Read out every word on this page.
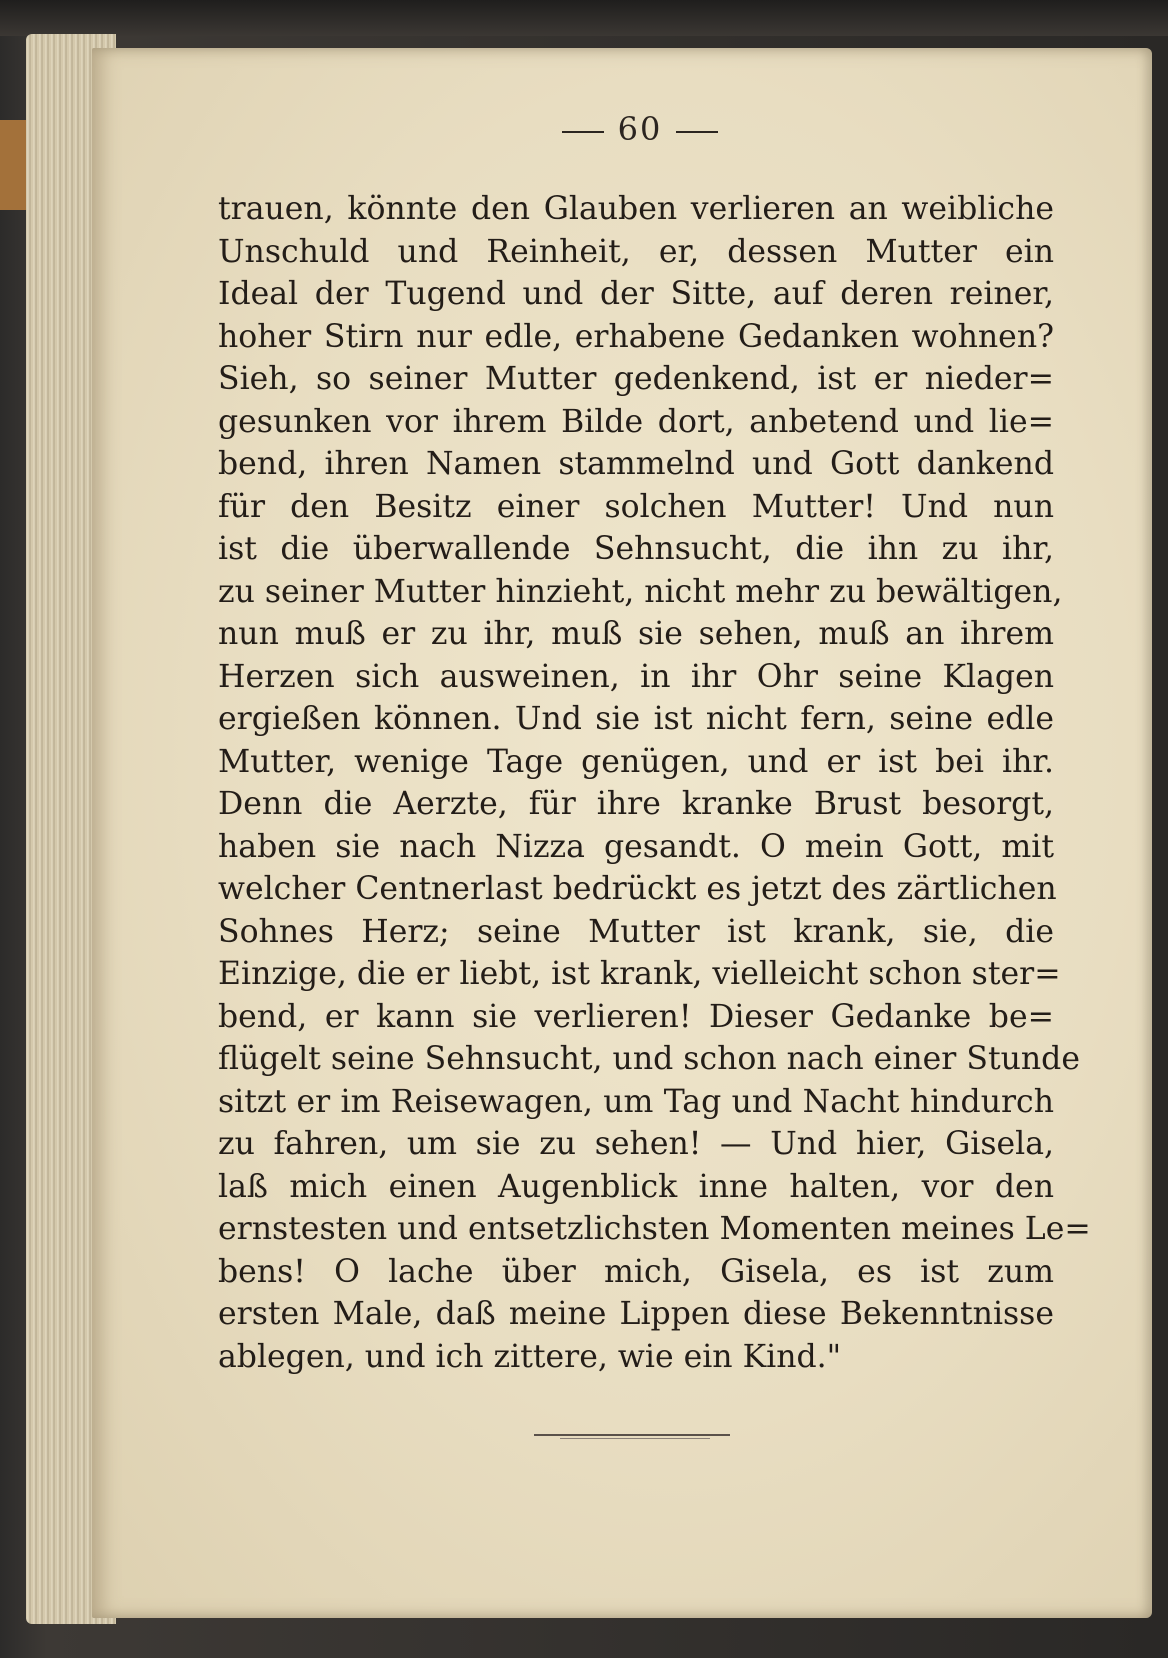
60
trauen, könnte den Glauben verlieren an weibliche
Unschuld und Reinheit, er, dessen Mutter ein
Ideal der Tugend und der Sitte, auf deren reiner,
hoher Stirn nur edle, erhabene Gedanken wohnen?
Sieh, so seiner Mutter gedenkend, ist er nieder=
gesunken vor ihrem Bilde dort, anbetend und lie=
bend, ihren Namen stammelnd und Gott dankend
für den Besitz einer solchen Mutter! Und nun
ist die überwallende Sehnsucht, die ihn zu ihr,
zu seiner Mutter hinzieht, nicht mehr zu bewältigen,
nun muß er zu ihr, muß sie sehen, muß an ihrem
Herzen sich ausweinen, in ihr Ohr seine Klagen
ergießen können. Und sie ist nicht fern, seine edle
Mutter, wenige Tage genügen, und er ist bei ihr.
Denn die Aerzte, für ihre kranke Brust besorgt,
haben sie nach Nizza gesandt. O mein Gott, mit
welcher Centnerlast bedrückt es jetzt des zärtlichen
Sohnes Herz; seine Mutter ist krank, sie, die
Einzige, die er liebt, ist krank, vielleicht schon ster=
bend, er kann sie verlieren! Dieser Gedanke be=
flügelt seine Sehnsucht, und schon nach einer Stunde
sitzt er im Reisewagen, um Tag und Nacht hindurch
zu fahren, um sie zu sehen! — Und hier, Gisela,
laß mich einen Augenblick inne halten, vor den
ernstesten und entsetzlichsten Momenten meines Le=
bens! O lache über mich, Gisela, es ist zum
ersten Male, daß meine Lippen diese Bekenntnisse
ablegen, und ich zittere, wie ein Kind."
